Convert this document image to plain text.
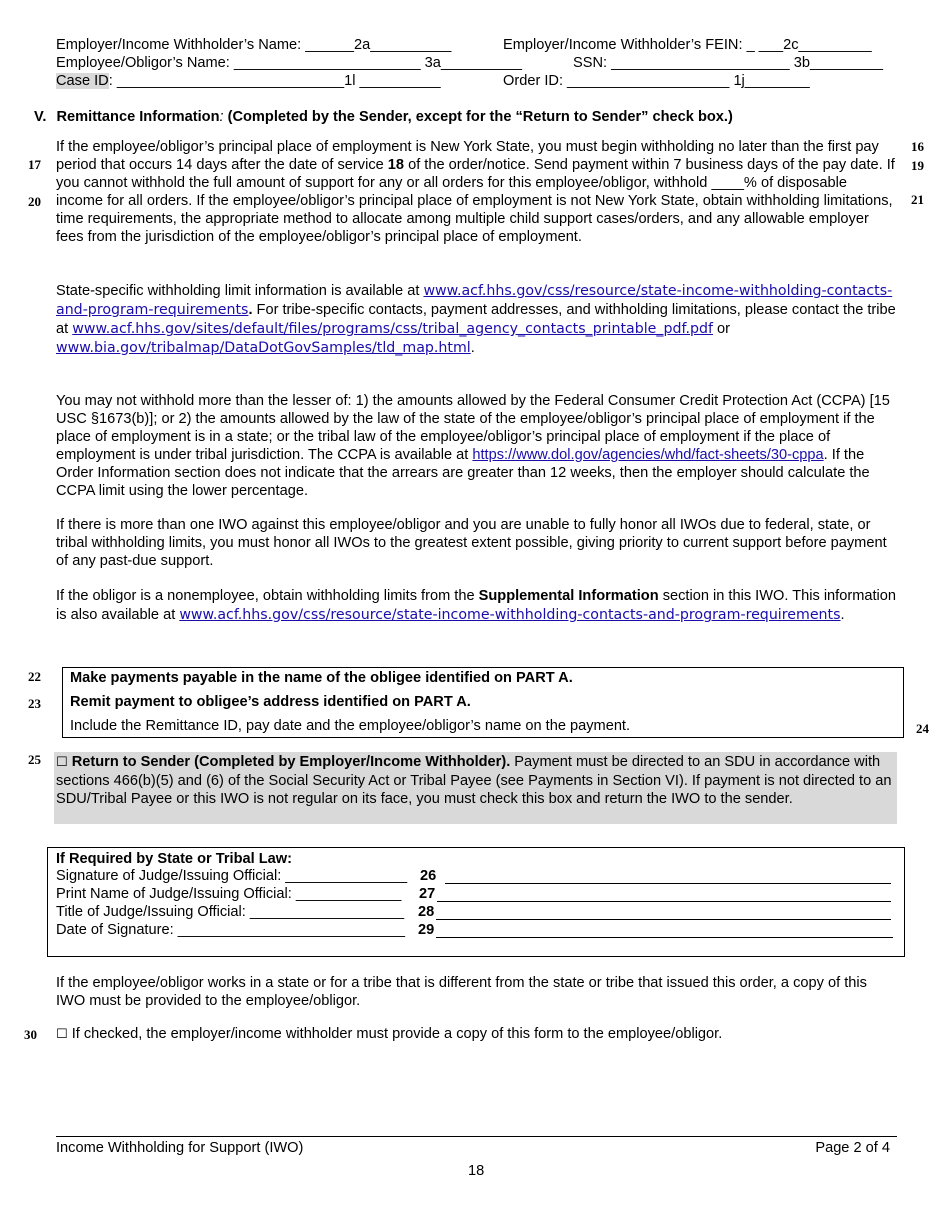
Employer/Income Withholder’s Name: ______2a__________	Employer/Income Withholder’s FEIN: _ ___2c_________
Employee/Obligor’s Name: _______________________ 3a__________	SSN: ______________________ 3b_________
Case ID: ____________________________1l __________	Order ID: ____________________ 1j________
V. Remittance Information: (Completed by the Sender, except for the “Return to Sender” check box.)
16
17	19
20	21
If the employee/obligor’s principal place of employment is New York State, you must begin withholding no later than the first pay period that occurs 14 days after the date of service 18 of the order/notice. Send payment within 7 business days of the pay date. If you cannot withhold the full amount of support for any or all orders for this employee/obligor, withhold ____% of disposable income for all orders. If the employee/obligor’s principal place of employment is not New York State, obtain withholding limitations, time requirements, the appropriate method to allocate among multiple child support cases/orders, and any allowable employer fees from the jurisdiction of the employee/obligor’s principal place of employment.
State-specific withholding limit information is available at www.acf.hhs.gov/css/resource/state-income-withholding-contacts-and-program-requirements. For tribe-specific contacts, payment addresses, and withholding limitations, please contact the tribe at www.acf.hhs.gov/sites/default/files/programs/css/tribal_agency_contacts_printable_pdf.pdf or www.bia.gov/tribalmap/DataDotGovSamples/tld_map.html.
You may not withhold more than the lesser of: 1) the amounts allowed by the Federal Consumer Credit Protection Act (CCPA) [15 USC §1673(b)]; or 2) the amounts allowed by the law of the state of the employee/obligor’s principal place of employment if the place of employment is in a state; or the tribal law of the employee/obligor’s principal place of employment if the place of employment is under tribal jurisdiction. The CCPA is available at https://www.dol.gov/agencies/whd/fact-sheets/30-cppa. If the Order Information section does not indicate that the arrears are greater than 12 weeks, then the employer should calculate the CCPA limit using the lower percentage.
If there is more than one IWO against this employee/obligor and you are unable to fully honor all IWOs due to federal, state, or tribal withholding limits, you must honor all IWOs to the greatest extent possible, giving priority to current support before payment of any past-due support.
If the obligor is a nonemployee, obtain withholding limits from the Supplemental Information section in this IWO. This information is also available at www.acf.hhs.gov/css/resource/state-income-withholding-contacts-and-program-requirements.
22
23
Make payments payable in the name of the obligee identified on PART A.
Remit payment to obligee’s address identified on PART A.
Include the Remittance ID, pay date and the employee/obligor’s name on the payment.	24
25 ☐ Return to Sender (Completed by Employer/Income Withholder). Payment must be directed to an SDU in accordance with sections 466(b)(5) and (6) of the Social Security Act or Tribal Payee (see Payments in Section VI). If payment is not directed to an SDU/Tribal Payee or this IWO is not regular on its face, you must check this box and return the IWO to the sender.
If Required by State or Tribal Law:
Signature of Judge/Issuing Official: _______________ 26
Print Name of Judge/Issuing Official: _____________ 27
Title of Judge/Issuing Official: ___________________ 28
Date of Signature: ____________________________ 29
If the employee/obligor works in a state or for a tribe that is different from the state or tribe that issued this order, a copy of this IWO must be provided to the employee/obligor.
30 ☐ If checked, the employer/income withholder must provide a copy of this form to the employee/obligor.
Income Withholding for Support (IWO)	Page 2 of 4
18
